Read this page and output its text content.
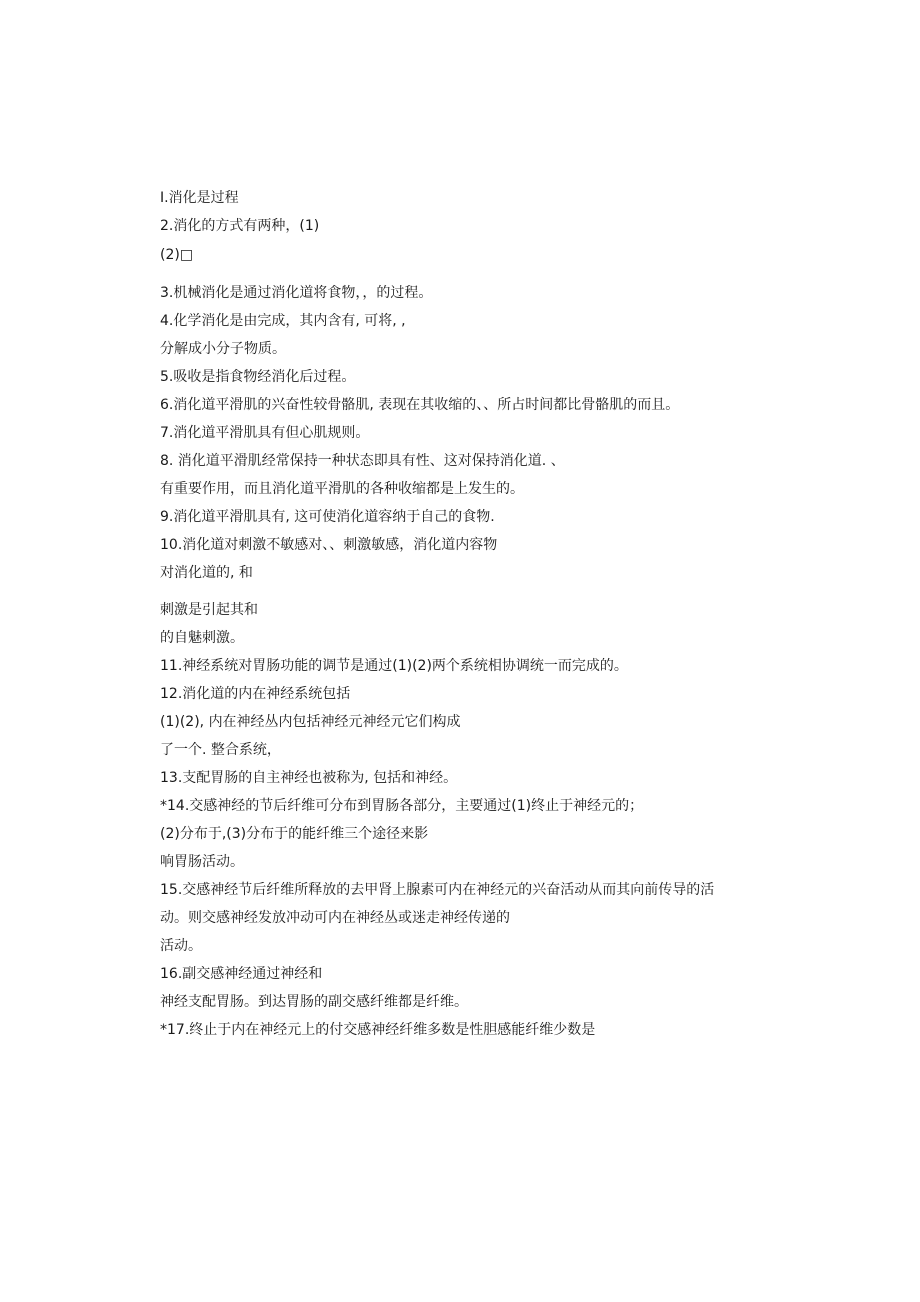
I.消化是过程

2.消化的方式有两种，(1)

(2)□

3.机械消化是通过消化道将食物，，的过程。

4.化学消化是由完成，其内含有, 可将, ,

分解成小分子物质。

5.吸收是指食物经消化后过程。

6.消化道平滑肌的兴奋性较骨骼肌, 表现在其收缩的、、所占时间都比骨骼肌的而且。

7.消化道平滑肌具有但心肌规则。

8. 消化道平滑肌经常保持一种状态即具有性、这对保持消化道. 、

有重要作用，而且消化道平滑肌的各种收缩都是上发生的。

9.消化道平滑肌具有, 这可使消化道容纳于自己的食物.

10.消化道对刺激不敏感对、、刺激敏感，消化道内容物

对消化道的, 和

刺激是引起其和

的自魅刺激。

11.神经系统对胃肠功能的调节是通过(1)(2)两个系统相协调统一而完成的。

12.消化道的内在神经系统包括

(1)(2), 内在神经丛内包括神经元神经元它们构成

了一个. 整合系统，

13.支配胃肠的自主神经也被称为, 包括和神经。

*14.交感神经的节后纤维可分布到胃肠各部分，主要通过(1)终止于神经元的；

(2)分布于,(3)分布于的能纤维三个途径来影

响胃肠活动。

15.交感神经节后纤维所释放的去甲肾上腺素可内在神经元的兴奋活动从而其向前传导的活

动。则交感神经发放冲动可内在神经丛或迷走神经传递的

活动。

16.副交感神经通过神经和

神经支配胃肠。到达胃肠的副交感纤维都是纤维。

*17.终止于内在神经元上的付交感神经纤维多数是性胆感能纤维少数是
